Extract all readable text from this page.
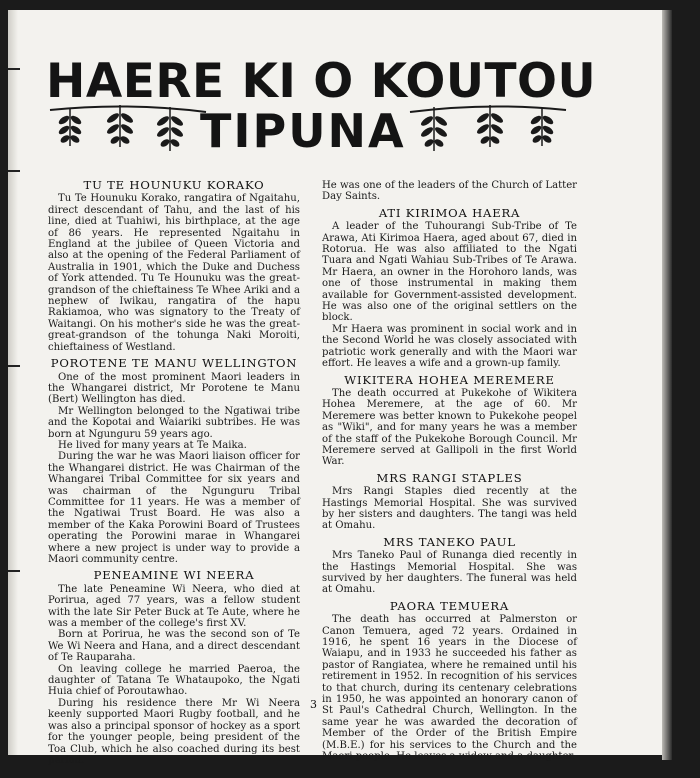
HAERE KI O KOUTOU
TIPUNA
TU TE HOUNUKU KORAKO

Tu Te Hounuku Korako, rangatira of Ngaitahu, direct descendant of Tahu, and the last of his line, died at Tuahiwi, his birthplace, at the age of 86 years. He represented Ngaitahu in England at the jubilee of Queen Victoria and also at the opening of the Federal Parliament of Australia in 1901, which the Duke and Duchess of York attended. Tu Te Hounuku was the great-grandson of the chieftainess Te Whee Ariki and a nephew of Iwikau, rangatira of the hapu Rakiamoa, who was signatory to the Treaty of Waitangi. On his mother's side he was the great-great-grandson of the tohunga Naki Moroiti, chieftainess of Westland.

POROTENE TE MANU WELLINGTON

One of the most prominent Maori leaders in the Whangarei district, Mr Porotene te Manu (Bert) Wellington has died.

Mr Wellington belonged to the Ngatiwai tribe and the Kopotai and Waiariki subtribes. He was born at Ngunguru 59 years ago.

He lived for many years at Te Maika.

During the war he was Maori liaison officer for the Whangarei district. He was Chairman of the Whangarei Tribal Committee for six years and was chairman of the Ngunguru Tribal Committee for 11 years. He was a member of the Ngatiwai Trust Board. He was also a member of the Kaka Porowini Board of Trustees operating the Porowini marae in Whangarei where a new project is under way to provide a Maori community centre.

PENEAMINE WI NEERA

The late Peneamine Wi Neera, who died at Porirua, aged 77 years, was a fellow student with the late Sir Peter Buck at Te Aute, where he was a member of the college's first XV.

Born at Porirua, he was the second son of Te We Wi Neera and Hana, and a direct descendant of Te Rauparaha.

On leaving college he married Paeroa, the daughter of Tatana Te Whataupoko, the Ngati Huia chief of Poroutawhao.

During his residence there Mr Wi Neera keenly supported Maori Rugby football, and he was also a principal sponsor of hockey as a sport for the younger people, being president of the Toa Club, which he also coached during its best period.

He was one of the leaders of the Church of Latter Day Saints.

ATI KIRIMOA HAERA

A leader of the Tuhourangi Sub-Tribe of Te Arawa, Ati Kirimoa Haera, aged about 67, died in Rotorua. He was also affiliated to the Ngati Tuara and Ngati Wahiau Sub-Tribes of Te Arawa. Mr Haera, an owner in the Horohoro lands, was one of those instrumental in making them available for Government-assisted development. He was also one of the original settlers on the block.

Mr Haera was prominent in social work and in the Second World he was closely associated with patriotic work generally and with the Maori war effort. He leaves a wife and a grown-up family.

WIKITERA HOHEA MEREMERE

The death occurred at Pukekohe of Wikitera Hohea Meremere, at the age of 60. Mr Meremere was better known to Pukekohe peopel as "Wiki", and for many years he was a member of the staff of the Pukekohe Borough Council. Mr Meremere served at Gallipoli in the first World War.

MRS RANGI STAPLES

Mrs Rangi Staples died recently at the Hastings Memorial Hospital. She was survived by her sisters and daughters. The tangi was held at Omahu.

MRS TANEKO PAUL

Mrs Taneko Paul of Runanga died recently in the Hastings Memorial Hospital. She was survived by her daughters. The funeral was held at Omahu.

PAORA TEMUERA

The death has occurred at Palmerston or Canon Temuera, aged 72 years. Ordained in 1916, he spent 16 years in the Diocese of Waiapu, and in 1933 he succeeded his father as pastor of Rangiatea, where he remained until his retirement in 1952. In recognition of his services to that church, during its centenary celebrations in 1950, he was appointed an honorary canon of St Paul's Cathedral Church, Wellington. In the same year he was awarded the decoration of Member of the Order of the British Empire (M.B.E.) for his services to the Church and the Maori people. He leaves a widow and a daughter.

3
